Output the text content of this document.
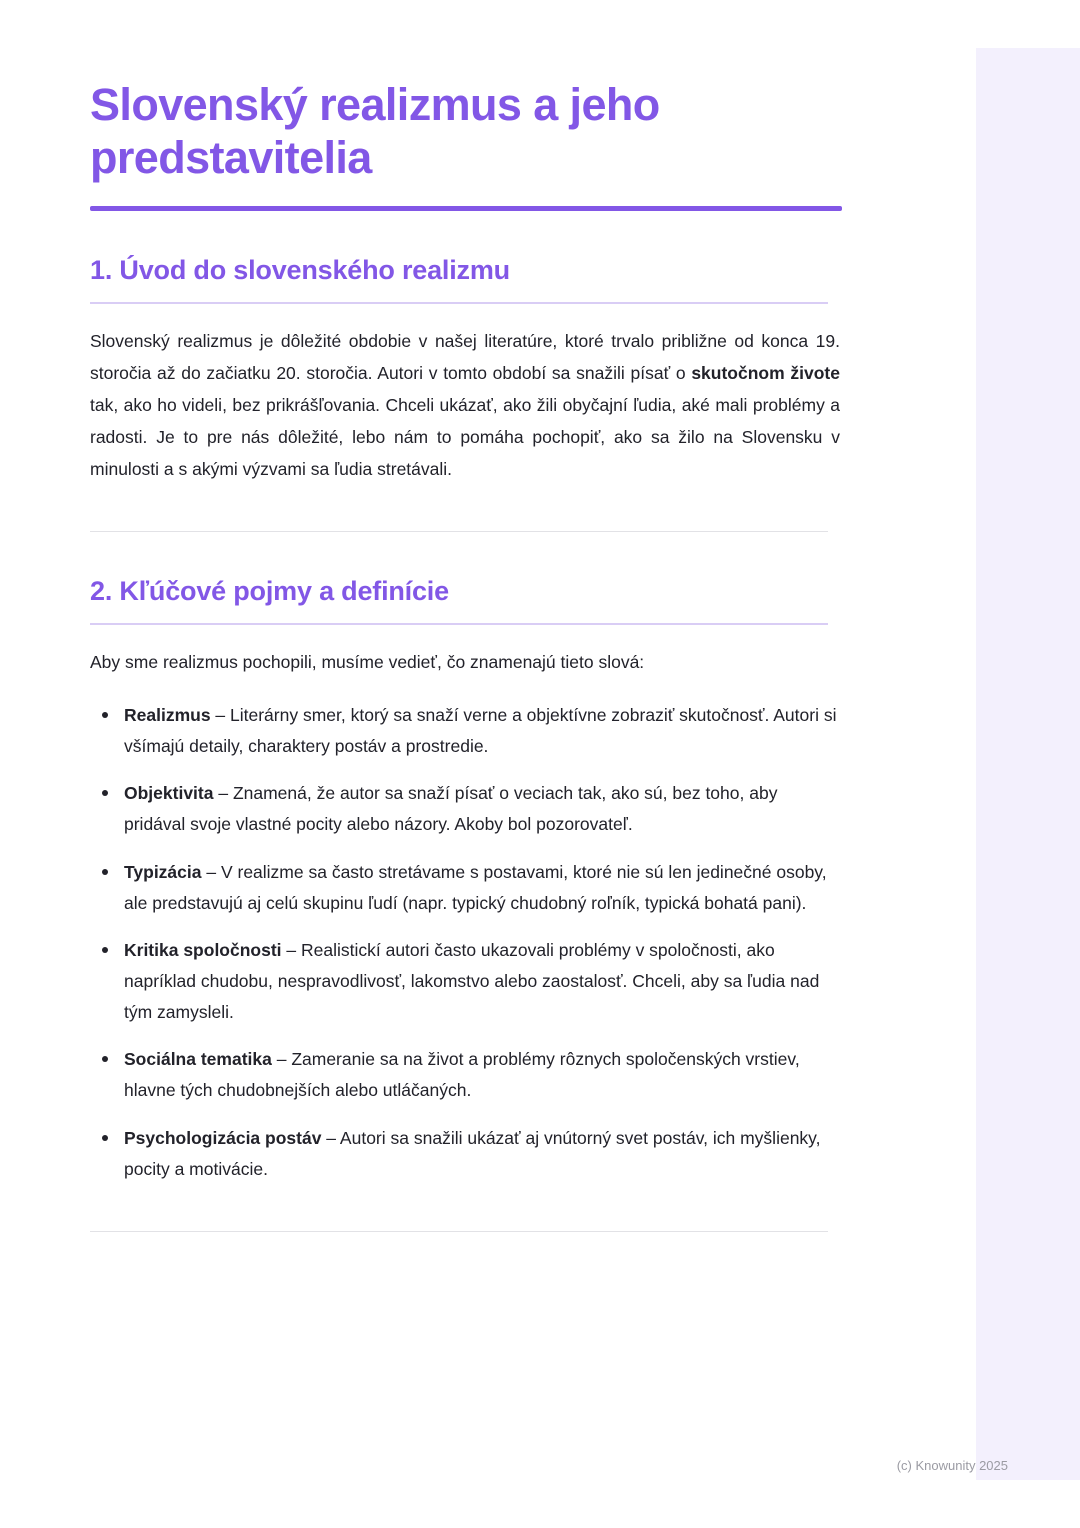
Slovenský realizmus a jeho predstavitelia
1. Úvod do slovenského realizmu

Slovenský realizmus je dôležité obdobie v našej literatúre, ktoré trvalo približne od konca 19. storočia až do začiatku 20. storočia. Autori v tomto období sa snažili písať o skutočnom živote tak, ako ho videli, bez prikrášľovania. Chceli ukázať, ako žili obyčajní ľudia, aké mali problémy a radosti. Je to pre nás dôležité, lebo nám to pomáha pochopiť, ako sa žilo na Slovensku v minulosti a s akými výzvami sa ľudia stretávali.

2. Kľúčové pojmy a definície

Aby sme realizmus pochopili, musíme vedieť, čo znamenajú tieto slová:

Realizmus – Literárny smer, ktorý sa snaží verne a objektívne zobraziť skutočnosť. Autori si všímajú detaily, charaktery postáv a prostredie.
Objektivita – Znamená, že autor sa snaží písať o veciach tak, ako sú, bez toho, aby pridával svoje vlastné pocity alebo názory. Akoby bol pozorovateľ.
Typizácia – V realizme sa často stretávame s postavami, ktoré nie sú len jedinečné osoby, ale predstavujú aj celú skupinu ľudí (napr. typický chudobný roľník, typická bohatá pani).
Kritika spoločnosti – Realistickí autori často ukazovali problémy v spoločnosti, ako napríklad chudobu, nespravodlivosť, lakomstvo alebo zaostalosť. Chceli, aby sa ľudia nad tým zamysleli.
Sociálna tematika – Zameranie sa na život a problémy rôznych spoločenských vrstiev, hlavne tých chudobnejších alebo utláčaných.
Psychologizácia postáv – Autori sa snažili ukázať aj vnútorný svet postáv, ich myšlienky, pocity a motivácie.
(c) Knowunity 2025
